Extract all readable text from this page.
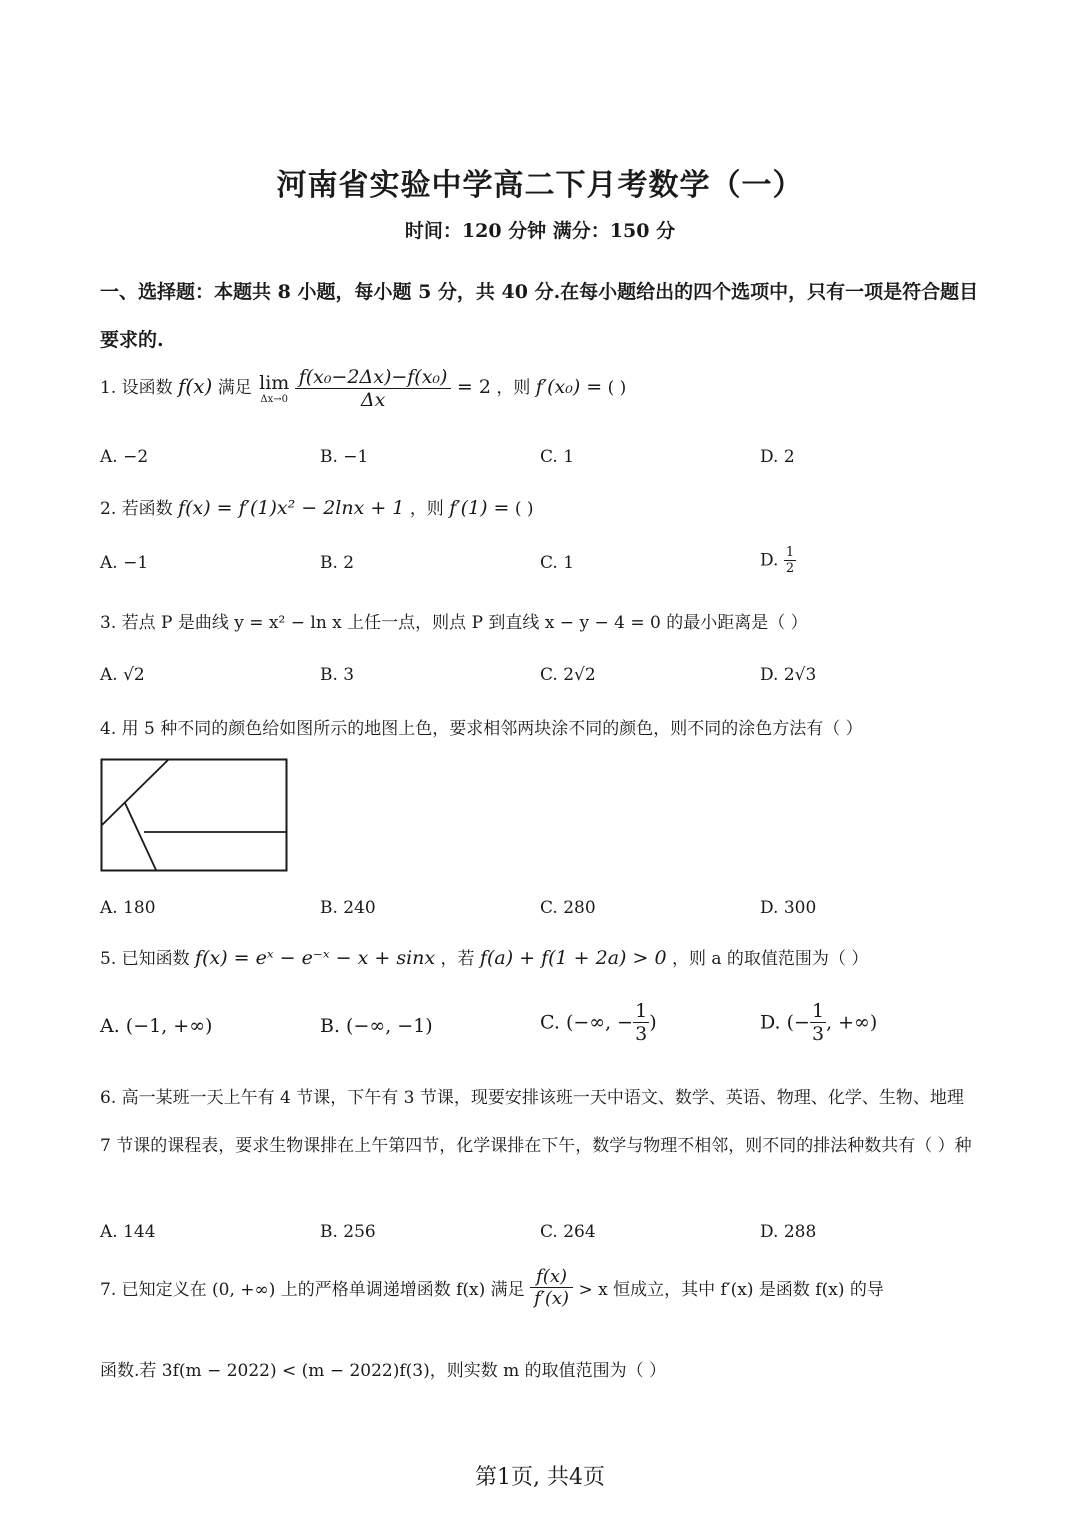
河南省实验中学高二下月考数学（一）
时间：120 分钟 满分：150 分
一、选择题：本题共 8 小题，每小题 5 分，共 40 分.在每小题给出的四个选项中，只有一项是符合题目要求的.
1. 设函数 f(x) 满足 lim
Δx→0
$\frac{\text{f(x₀−2Δx)−f(x₀)}}{\Delta x} = 2$ ，则 f′(x₀) = ( )
A. −2	B. −1	C. 1	D. 2
2. 若函数 f(x) = f′(1)x² − 2lnx + 1 ，则 f′(1) = ( )
A. −1	B. 2	C. 1	D. $\frac{1}{2}$
3. 若点 P 是曲线 y = x² − ln x 上任一点，则点 P 到直线 x − y − 4 = 0 的最小距离是（ ）
A. √2	B. 3	C. 2√2	D. 2√3
4. 用 5 种不同的颜色给如图所示的地图上色，要求相邻两块涂不同的颜色，则不同的涂色方法有（ ）
A. 180	B. 240	C. 280	D. 300
5. 已知函数 f(x) = eˣ − e⁻ˣ − x + sinx ，若 f(a) + f(1 + 2a) > 0 ，则 a 的取值范围为（ ）
A. (−1, +∞)	B. (−∞, −1)	C. (−∞, − $\frac{1}{3}$ )	D. (− $\frac{1}{3}$ , +∞)
6. 高一某班一天上午有 4 节课，下午有 3 节课，现要安排该班一天中语文、数学、英语、物理、化学、生物、地理 7 节课的课程表，要求生物课排在上午第四节，化学课排在下午，数学与物理不相邻，则不同的排法种数共有（ ）种
A. 144	B. 256	C. 264	D. 288
7. 已知定义在 (0, +∞) 上的严格单调递增函数 f(x) 满足 $\frac{f(x)}{f'(x)} > x$ 恒成立，其中 f′(x) 是函数 f(x) 的导
函数.若 3f(m − 2022) < (m − 2022)f(3)，则实数 m 的取值范围为（ ）
第1页, 共4页
